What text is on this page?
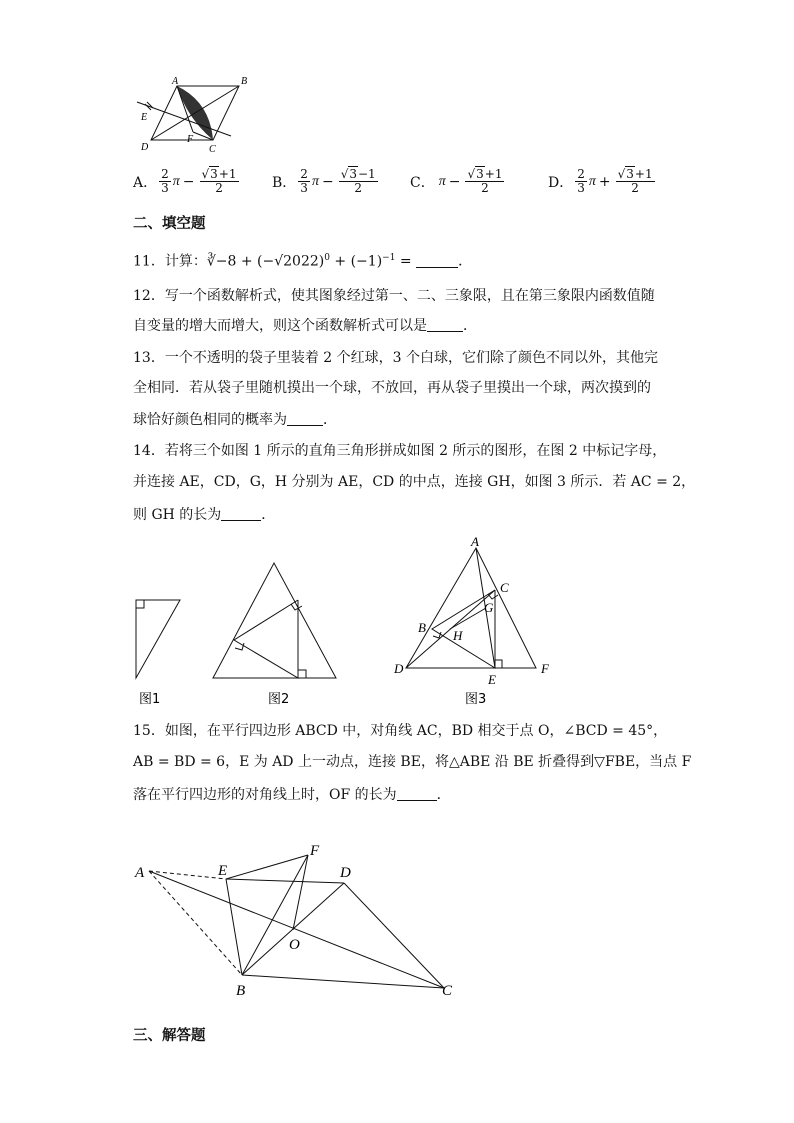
A	B
C
D
E
F
A． $\frac{2}{3}$ $\pi - \frac{√3+1}{2}$ B． $\frac{2}{3}$ $\pi - \frac{√3-1}{2}$ C． $\pi - \frac{√3+1}{2}$	D． $\frac{2}{3}$ $\pi + \frac{√3+1}{2}$
二、填空题
11．计算：∛−8 + $(-√2022)^0 + (-1)^{-1}$ =	．
12．写一个函数解析式，使其图象经过第一、二、三象限，且在第三象限内函数值随
自变量的增大而增大，则这个函数解析式可以是	．
13．一个不透明的袋子里装着 2 个红球，3 个白球，它们除了颜色不同以外，其他完
全相同．若从袋子里随机摸出一个球，不放回，再从袋子里摸出一个球，两次摸到的
球恰好颜色相同的概率为	．
14．若将三个如图 1 所示的直角三角形拼成如图 2 所示的图形，在图 2 中标记字母，
并连接 AE，CD，G，H 分别为 AE，CD 的中点，连接 GH，如图 3 所示．若 AC = 2，
则 GH 的长为	．
图1	图2
A
C
G
B
H
D
E
F
图3
15．如图，在平行四边形 ABCD 中，对角线 AC，BD 相交于点 O，∠BCD = 45°，
AB = BD = 6，E 为 AD 上一动点，连接 BE，将△ABE 沿 BE 折叠得到▽FBE，当点 F
落在平行四边形的对角线上时，OF 的长为	．
A	E
F
D
O
B	C
三、解答题
